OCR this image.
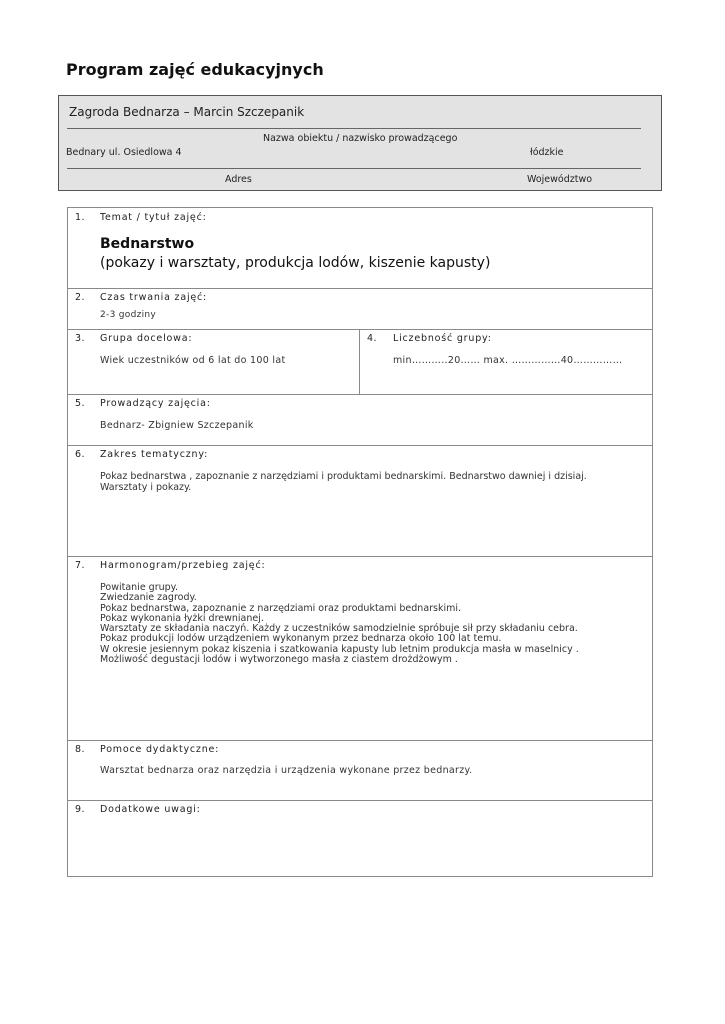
Program zajęć edukacyjnych
Zagroda Bednarza – Marcin Szczepanik
Nazwa obiektu / nazwisko prowadzącego
Bednary ul. Osiedlowa 4	łódzkie
Adres	Województwo
1. Temat / tytuł zajęć:
Bednarstwo
(pokazy i warsztaty, produkcja lodów, kiszenie kapusty)
2. Czas trwania zajęć:
2-3 godziny
3. Grupa docelowa:
Wiek uczestników od 6 lat do 100 lat
4. Liczebność grupy:
min………..20…… max. ……………40……………
5. Prowadzący zajęcia:
Bednarz- Zbigniew Szczepanik
6. Zakres tematyczny:
Pokaz bednarstwa , zapoznanie z narzędziami i produktami bednarskimi. Bednarstwo dawniej i dzisiaj.
Warsztaty i pokazy.
7. Harmonogram/przebieg zajęć:
Powitanie grupy.
Zwiedzanie zagrody.
Pokaz bednarstwa, zapoznanie z narzędziami oraz produktami bednarskimi.
Pokaz wykonania łyżki drewnianej.
Warsztaty ze składania naczyń. Każdy z uczestników samodzielnie spróbuje sił przy składaniu cebra.
Pokaz produkcji lodów urządzeniem wykonanym przez bednarza około 100 lat temu.
W okresie jesiennym pokaz kiszenia i szatkowania kapusty lub letnim produkcja masła w maselnicy .
Możliwość degustacji lodów i wytworzonego masła z ciastem drożdżowym .
8. Pomoce dydaktyczne:
Warsztat bednarza oraz narzędzia i urządzenia wykonane przez bednarzy.
9. Dodatkowe uwagi:
